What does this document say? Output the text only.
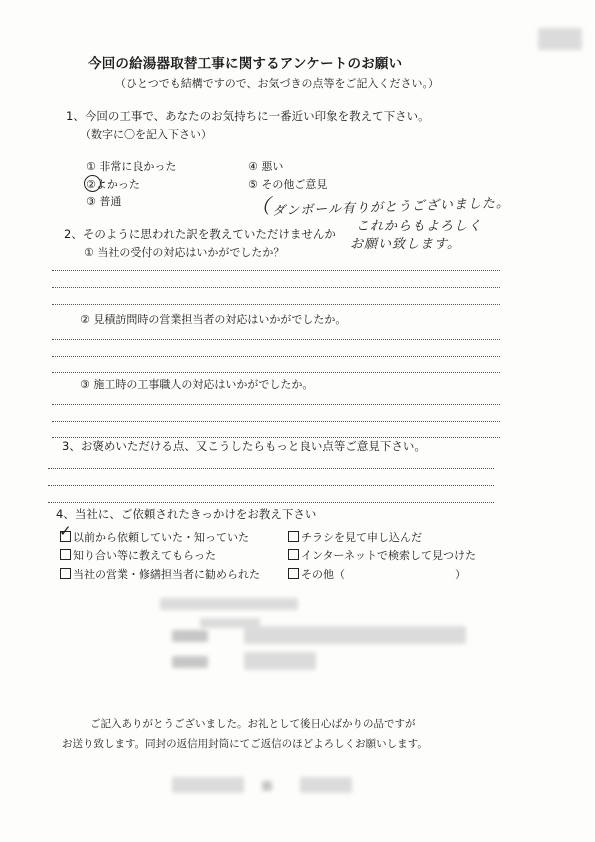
今回の給湯器取替工事に関するアンケートのお願い
（ひとつでも結構ですので、お気づきの点等をご記入ください。）
1、今回の工事で、あなたのお気持ちに一番近い印象を教えて下さい。
（数字に〇を記入下さい）
① 非常に良かった
②よかった
③ 普通
④ 悪い
⑤ その他ご意見
（ ダンボール有りがとうございました。
これからもよろしく
お願い致します。
2、そのように思われた訳を教えていただけませんか
① 当社の受付の対応はいかがでしたか？
② 見積訪問時の営業担当者の対応はいかがでしたか。
③ 施工時の工事職人の対応はいかがでしたか。
3、お褒めいただける点、又こうしたらもっと良い点等ご意見下さい。
4、当社に、ご依頼されたきっかけをお教え下さい
以前から依頼していた・知っていた
✓
知り合い等に教えてもらった
当社の営業・修繕担当者に勧められた
チラシを見て申し込んだ
インターネットで検索して見つけた
その他（　　　　　　　　　　）
ご記入ありがとうございました。お礼として後日心ばかりの品ですが
お送り致します。同封の返信用封筒にてご返信のほどよろしくお願いします。
